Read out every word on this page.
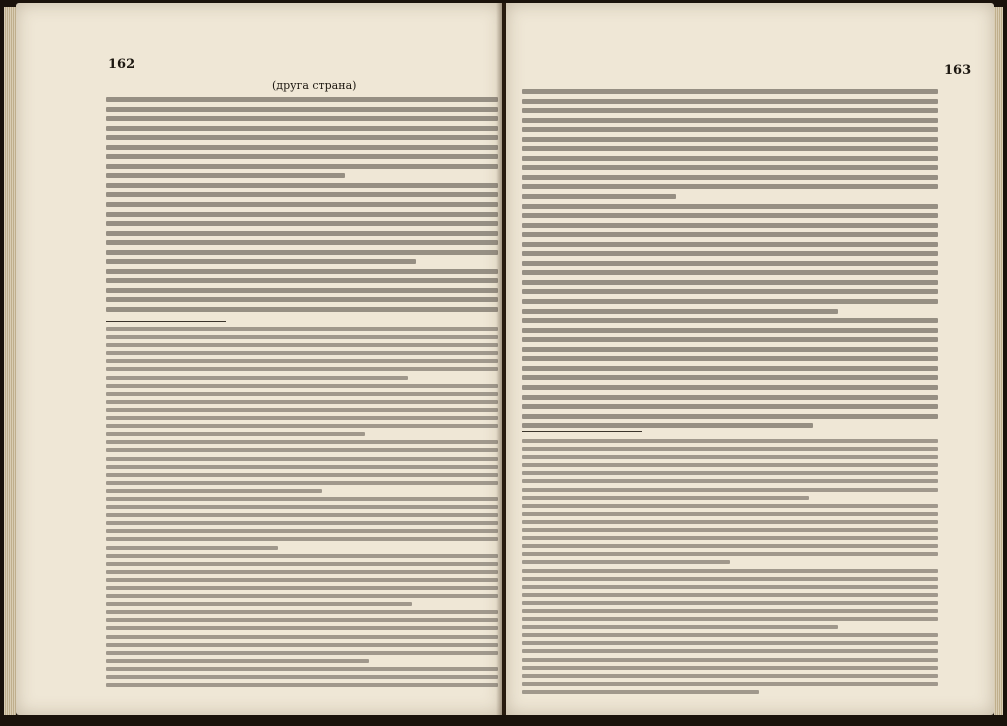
162
(друга страна)
163
